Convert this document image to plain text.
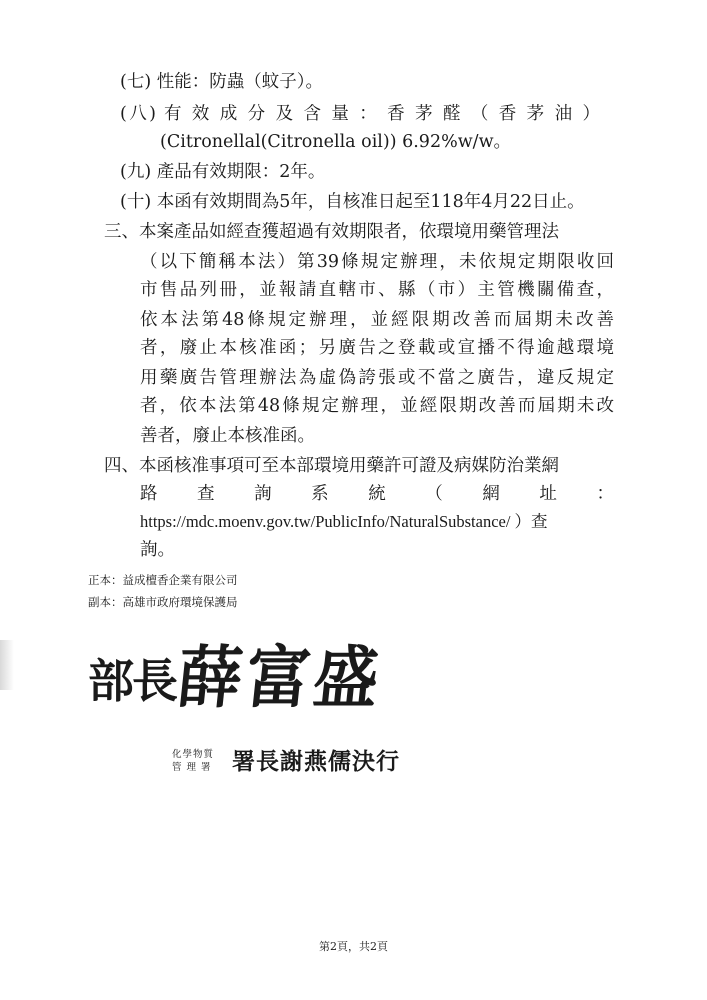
(七) 性能：防蟲（蚊子）。
(八) 有 效 成 分 及 含 量 ： 香 茅 醛 （ 香 茅 油 ）
(Citronellal(Citronella oil)) 6.92%w/w。
(九) 產品有效期限：2年。
(十) 本函有效期間為5年，自核准日起至118年4月22日止。
三、本案產品如經查獲超過有效期限者，依環境用藥管理法
（以下簡稱本法）第39條規定辦理，未依規定期限收回
市售品列冊，並報請直轄市、縣（市）主管機關備查，
依本法第48條規定辦理，並經限期改善而屆期未改善
者，廢止本核准函；另廣告之登載或宣播不得逾越環境
用藥廣告管理辦法為虛偽誇張或不當之廣告，違反規定
者，依本法第48條規定辦理，並經限期改善而屆期未改
善者，廢止本核准函。
四、本函核准事項可至本部環境用藥許可證及病媒防治業網
路 查 詢 系 統 （ 網 址 ：
https://mdc.moenv.gov.tw/PublicInfo/NaturalSubstance/ ）查
詢。
正本：益成檀香企業有限公司
副本：高雄市政府環境保護局
部長
薛富盛
化學物質
管 理 署 署長謝燕儒決行
第2頁，共2頁
